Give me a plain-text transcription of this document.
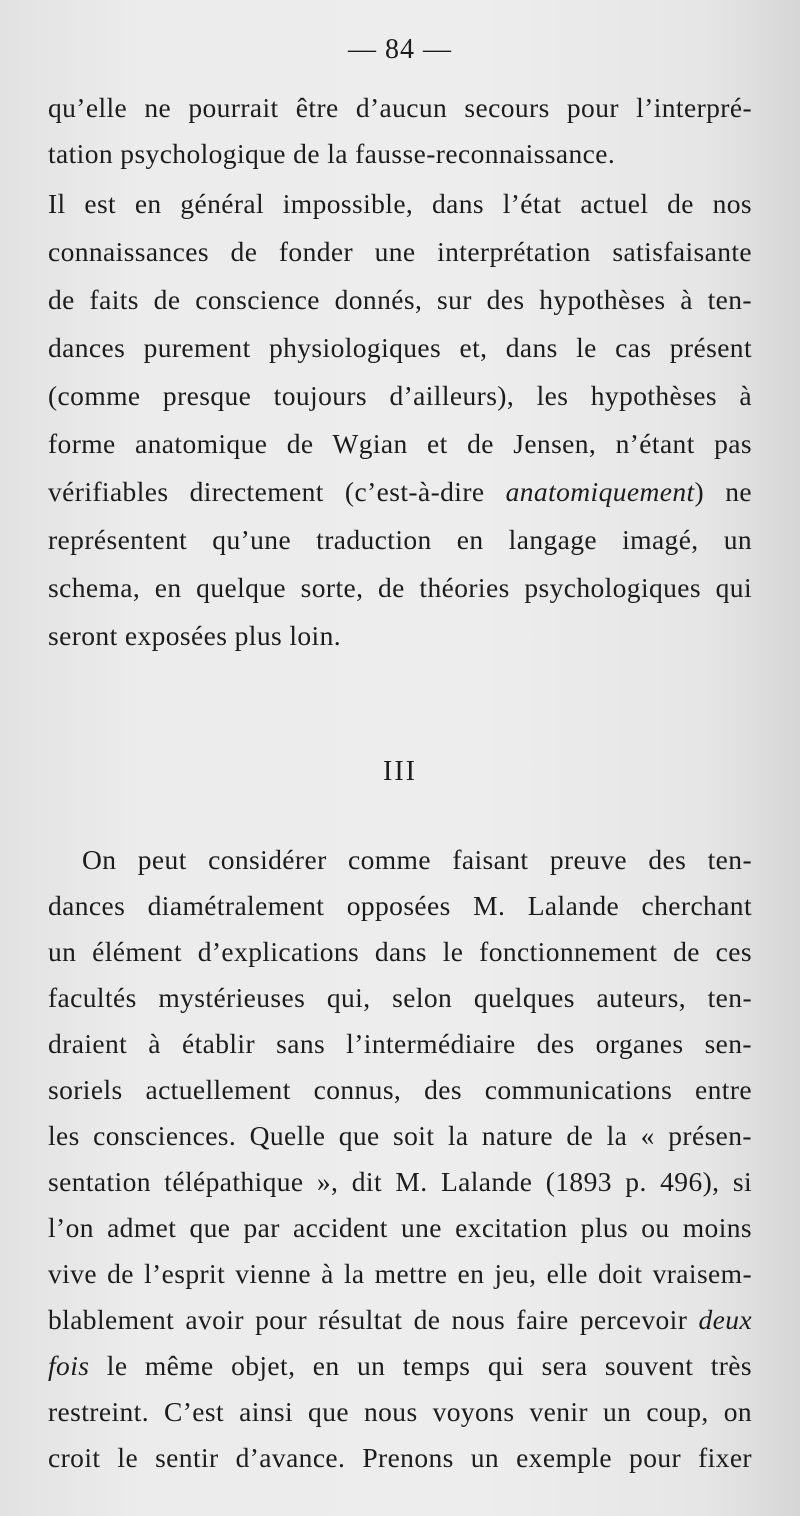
— 84 —
qu’elle ne pourrait être d’aucun secours pour l’interpré-
tation psychologique de la fausse-reconnaissance.
Il est en général impossible, dans l’état actuel de nos
connaissances de fonder une interprétation satisfaisante
de faits de conscience donnés, sur des hypothèses à ten-
dances purement physiologiques et, dans le cas présent
(comme presque toujours d’ailleurs), les hypothèses à
forme anatomique de Wgian et de Jensen, n’étant pas
vérifiables directement (c’est-à-dire anatomiquement) ne
représentent qu’une traduction en langage imagé, un
schema, en quelque sorte, de théories psychologiques qui
seront exposées plus loin.
III
On peut considérer comme faisant preuve des ten-
dances diamétralement opposées M. Lalande cherchant
un élément d’explications dans le fonctionnement de ces
facultés mystérieuses qui, selon quelques auteurs, ten-
draient à établir sans l’intermédiaire des organes sen-
soriels actuellement connus, des communications entre
les consciences. Quelle que soit la nature de la « présen-
sentation télépathique », dit M. Lalande (1893 p. 496), si
l’on admet que par accident une excitation plus ou moins
vive de l’esprit vienne à la mettre en jeu, elle doit vraisem-
blablement avoir pour résultat de nous faire percevoir deux
fois le même objet, en un temps qui sera souvent très
restreint. C’est ainsi que nous voyons venir un coup, on
croit le sentir d’avance. Prenons un exemple pour fixer
